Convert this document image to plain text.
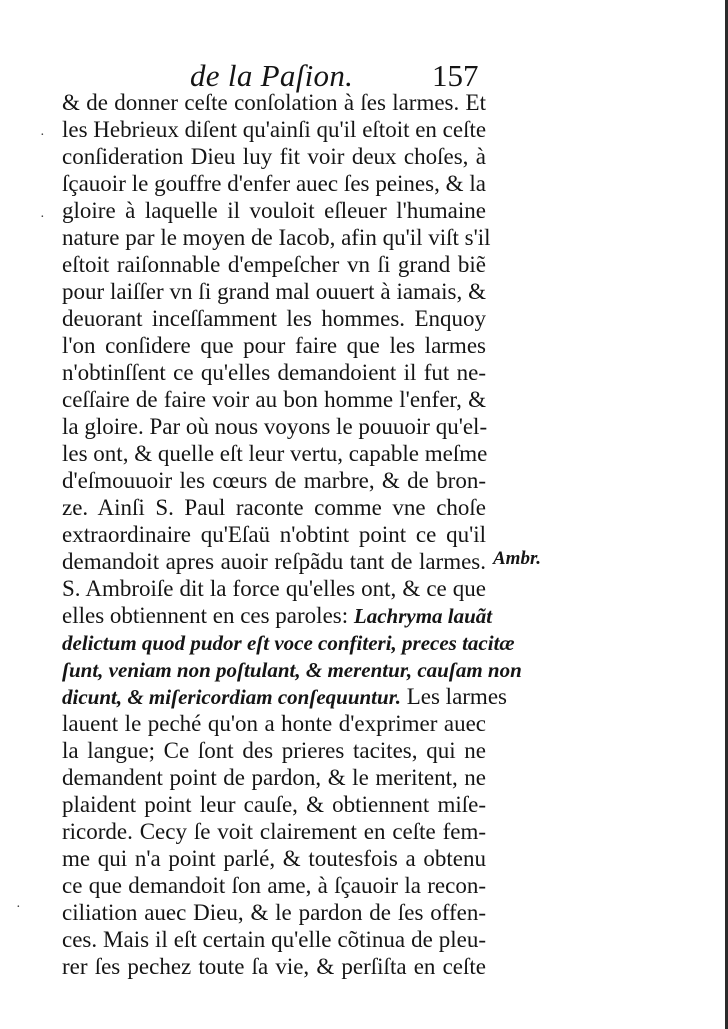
de la Paſion.	157
Ambr.
·
·
·
& de donner ceſte conſolation à ſes larmes. Et
les Hebrieux diſent qu'ainſi qu'il eſtoit en ceſte
conſideration Dieu luy fit voir deux choſes, à
ſçauoir le gouffre d'enfer auec ſes peines, & la
gloire à laquelle il vouloit eſleuer l'humaine
nature par le moyen de Iacob, afin qu'il viſt s'il
eſtoit raiſonnable d'empeſcher vn ſi grand biẽ
pour laiſſer vn ſi grand mal ouuert à iamais, &
deuorant inceſſamment les hommes. Enquoy
l'on conſidere que pour faire que les larmes
n'obtinſſent ce qu'elles demandoient il fut ne-
ceſſaire de faire voir au bon homme l'enfer, &
la gloire. Par où nous voyons le pouuoir qu'el-
les ont, & quelle eſt leur vertu, capable meſme
d'eſmouuoir les cœurs de marbre, & de bron-
ze. Ainſi S. Paul raconte comme vne choſe
extraordinaire qu'Eſaü n'obtint point ce qu'il
demandoit apres auoir reſpãdu tant de larmes.
S. Ambroiſe dit la force qu'elles ont, & ce que
elles obtiennent en ces paroles: Lachryma lauãt
delictum quod pudor eſt voce confiteri, preces tacitæ
ſunt, veniam non poſtulant, & merentur, cauſam non
dicunt, & miſericordiam conſequuntur. Les larmes
lauent le peché qu'on a honte d'exprimer auec
la langue; Ce ſont des prieres tacites, qui ne
demandent point de pardon, & le meritent, ne
plaident point leur cauſe, & obtiennent miſe-
ricorde. Cecy ſe voit clairement en ceſte fem-
me qui n'a point parlé, & toutesfois a obtenu
ce que demandoit ſon ame, à ſçauoir la recon-
ciliation auec Dieu, & le pardon de ſes offen-
ces. Mais il eſt certain qu'elle cõtinua de pleu-
rer ſes pechez toute ſa vie, & perſiſta en ceſte
